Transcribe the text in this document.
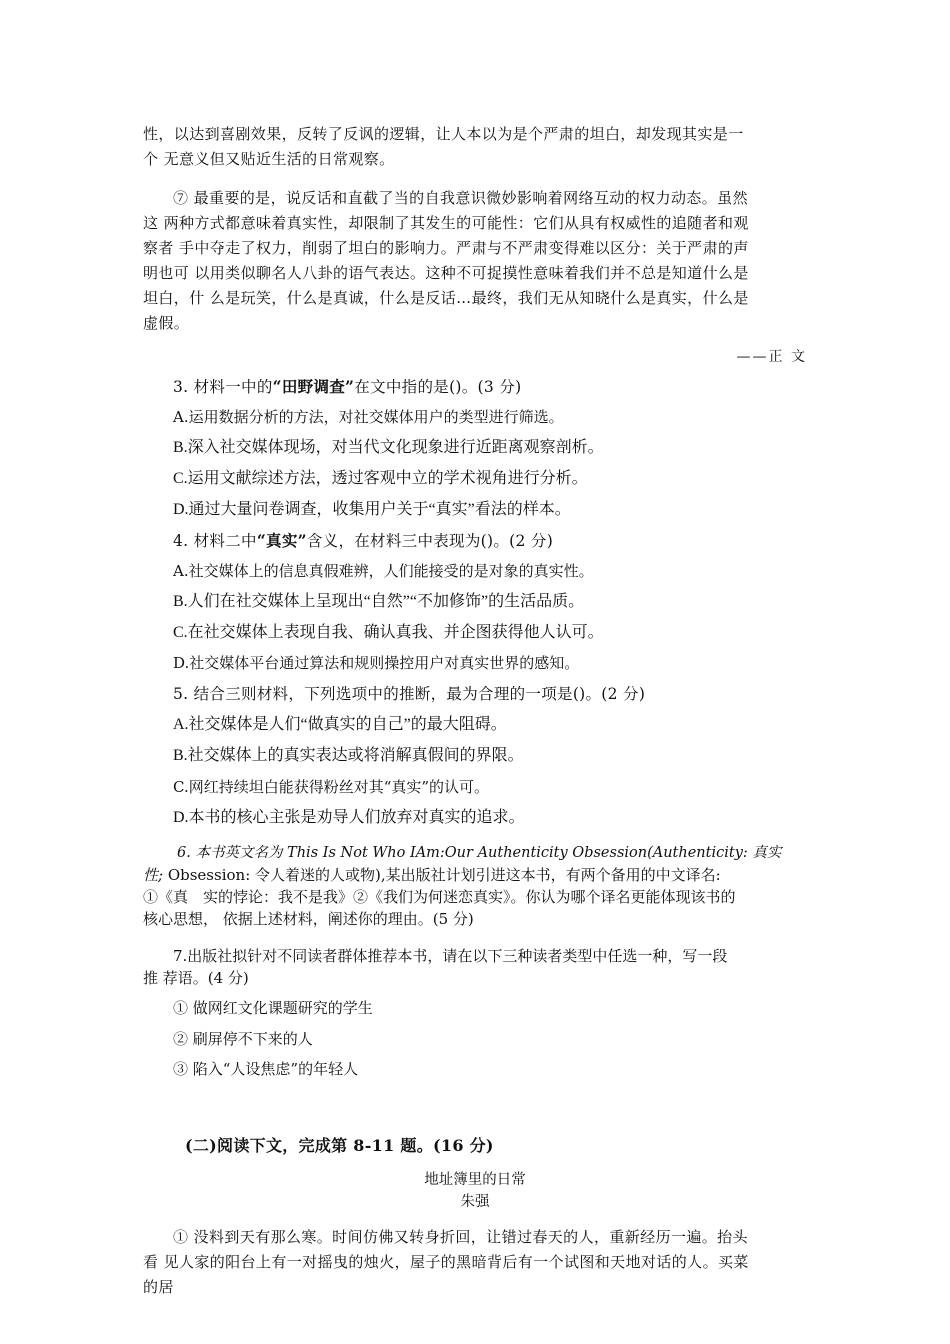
性，以达到喜剧效果，反转了反讽的逻辑，让人本以为是个严肃的坦白，却发现其实是一
个 无意义但又贴近生活的日常观察。
⑦ 最重要的是，说反话和直截了当的自我意识微妙影响着网络互动的权力动态。虽然
这 两种方式都意味着真实性，却限制了其发生的可能性：它们从具有权威性的追随者和观
察者 手中夺走了权力，削弱了坦白的影响力。严肃与不严肃变得难以区分：关于严肃的声
明也可 以用类似聊名人八卦的语气表达。这种不可捉摸性意味着我们并不总是知道什么是
坦白，什 么是玩笑，什么是真诚，什么是反话…最终，我们无从知晓什么是真实，什么是
虚假。
——正 文
3. 材料一中的“田野调查”在文中指的是()。(3 分)
A.运用数据分析的方法，对社交媒体用户的类型进行筛选。
B.深入社交媒体现场，对当代文化现象进行近距离观察剖析。
C.运用文献综述方法，透过客观中立的学术视角进行分析。
D.通过大量问卷调查，收集用户关于“真实”看法的样本。
4. 材料二中“真实”含义，在材料三中表现为()。(2 分)
A.社交媒体上的信息真假难辨，人们能接受的是对象的真实性。
B.人们在社交媒体上呈现出“自然”“不加修饰”的生活品质。
C.在社交媒体上表现自我、确认真我、并企图获得他人认可。
D.社交媒体平台通过算法和规则操控用户对真实世界的感知。
5. 结合三则材料，下列选项中的推断，最为合理的一项是()。(2 分)
A.社交媒体是人们“做真实的自己”的最大阻碍。
B.社交媒体上的真实表达或将消解真假间的界限。
C.网红持续坦白能获得粉丝对其“真实”的认可。
D.本书的核心主张是劝导人们放弃对真实的追求。
6. 本书英文名为 This Is Not Who IAm:Our Authenticity Obsession(Authenticity: 真实
性; Obsession: 令人着迷的人或物),某出版社计划引进这本书，有两个备用的中文译名:
①《真　实的悖论：我不是我》②《我们为何迷恋真实》。你认为哪个译名更能体现该书的
核心思想， 依据上述材料，阐述你的理由。(5 分)
7.出版社拟针对不同读者群体推荐本书，请在以下三种读者类型中任选一种，写一段
推 荐语。(4 分)
① 做网红文化课题研究的学生
② 刷屏停不下来的人
③ 陷入“人设焦虑”的年轻人
(二)阅读下文，完成第 8-11 题。(16 分)
地址簿里的日常
朱强
① 没料到天有那么寒。时间仿佛又转身折回，让错过春天的人，重新经历一遍。抬头
看 见人家的阳台上有一对摇曳的烛火，屋子的黑暗背后有一个试图和天地对话的人。买菜
的居
